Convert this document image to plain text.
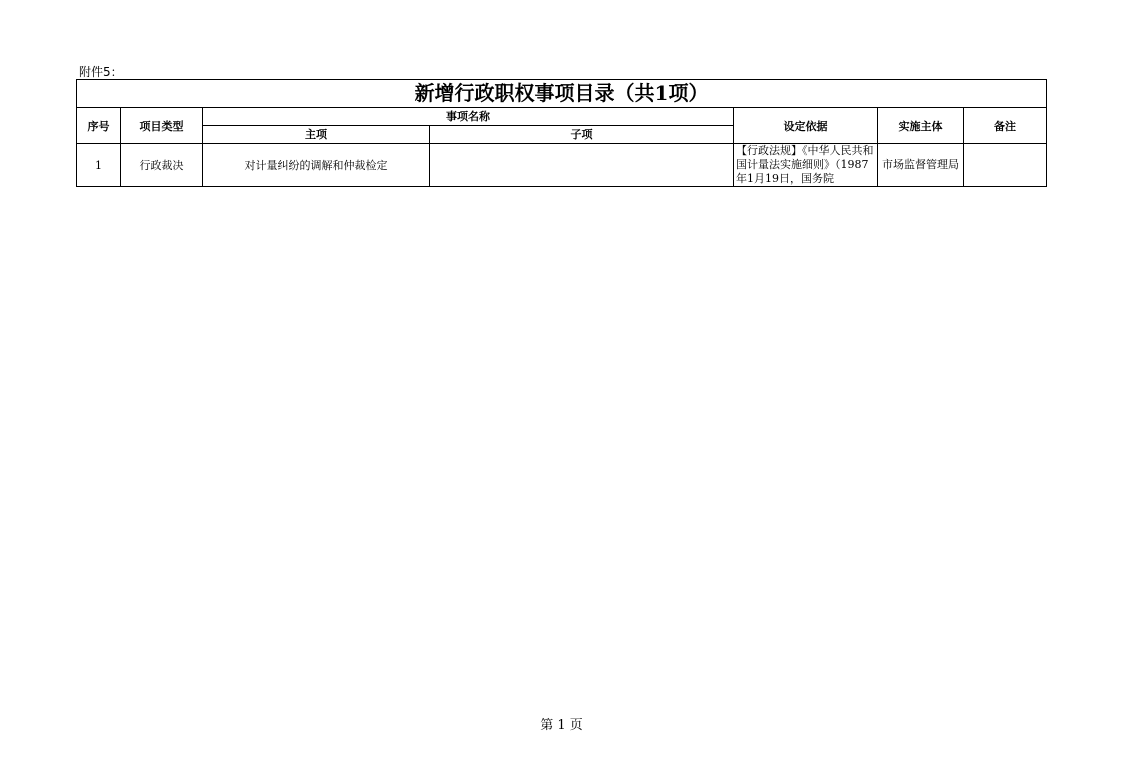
附件5：
新增行政职权事项目录（共1项）						
序号	项目类型	事项名称		设定依据	实施主体	备注
		主项	子项			
1	行政裁决	对计量纠纷的调解和仲裁检定		【行政法规】《中华人民共和国计量法实施细则》（1987年1月19日，国务院	市场监督管理局	

第 1 页
